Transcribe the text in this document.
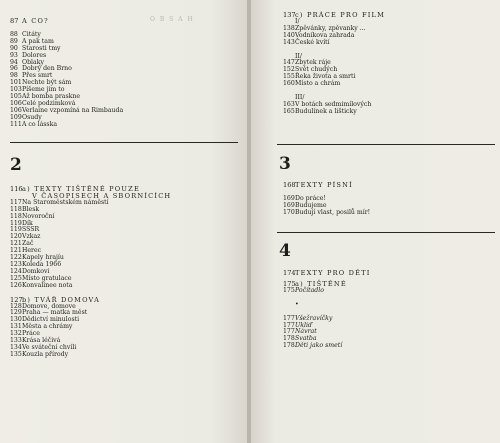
O B S A H
87 A CO?
88 Citáty
89 A pak tam
90 Starosti tmy
93 Dolores
94 Oblaky
96 Dobrý den Brno
98 Přes smrt
101Nechte být sám
103Píšeme jim to
105Až bomba praskne
106Celé podzimková
106Verlaine vzpomíná na Rimbauda
109Osudy
111A co lásska
2
116a) TEXTY TIŠTĚNÉ POUZE
V ČASOPISECH A SBORNÍCÍCH
117Na Staroměstském náměstí
118Blesk
118Novoroční
119Dík
119SSSR
120Vzkaz
121Zač
121Herec
122Kapely hrajíu
123Koleda 1966
124Domkovi
125Místo gratulace
126Konvalinee nota
127b) TVÁŘ DOMOVA
128Domove, domove
129Praha — matka měst
130Dědictví minulosti
131Města a chrámy
132Práce
133Krása léčivá
134Ve sváteční chvíli
135Kouzla přírody
137c) PRÁCE PRO FILM
I/
138Zpěvánky, zpěvanky ...
140Vodníkova zahrada
143České kvítí
II/
147Zbytek ráje
152Svět chudých
155Řeka života a smrti
160Místo a chrám
III/
163V botách sedmimílových
165Budulínek a lišticky
3
168TEXTY PÍSNÍ
169Do práce!
169Budujeme
170Budují vlast, posilů mír!
4
174TEXTY PRO DĚTI
175a) TIŠTĚNÉ
175Počítadlo
•
177Všežravíčky
177Ukliď
177Návrat
178Svatba
178Děti jako smetí
